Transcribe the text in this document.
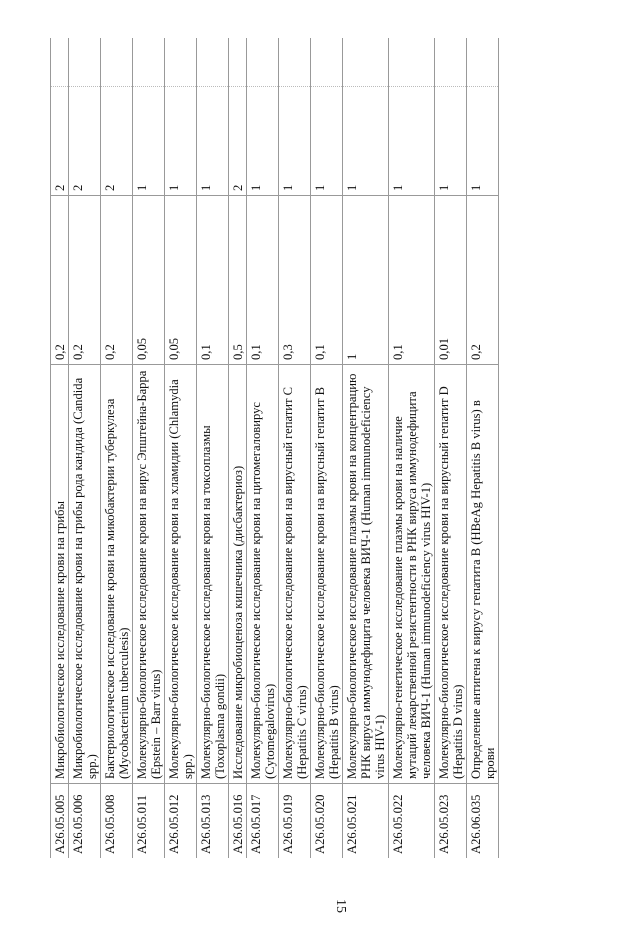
15
A26.05.005	Микробиологическое исследование крови на грибы	0,2	2	
A26.05.006	Микробиологическое исследование крови на грибы рода кандида (Candida spp.)	0,2	2	
A26.05.008	Бактериологическое исследование крови на микобактерии туберкулеза (Mycobacterium tuberculesis)	0,2	2	
A26.05.011	Молекулярно-биологическое исследование крови на вирус Эпштейна-Барра (Epstein – Barr virus)	0,05	1	
A26.05.012	Молекулярно-биологическое исследование крови на хламидии (Chlamydia spp.)	0,05	1	
A26.05.013	Молекулярно-биологическое исследование крови на токсоплазмы (Toxoplasma gondii)	0,1	1	
A26.05.016	Исследование микробиоценоза кишечника (дисбактериоз)	0,5	2	
A26.05.017	Молекулярно-биологическое исследование крови на цитомегаловирус (Cytomegalovirus)	0,1	1	
A26.05.019	Молекулярно-биологическое исследование крови на вирусный гепатит C (Hepatitis C virus)	0,3	1	
A26.05.020	Молекулярно-биологическое исследование крови на вирусный гепатит B (Hepatitis B virus)	0,1	1	
A26.05.021	Молекулярно-биологическое исследование плазмы крови на концентрацию РНК вируса иммунодефицита человека ВИЧ-1 (Human immunodeficiency virus HIV-1)	1	1	
A26.05.022	Молекулярно-генетическое исследование плазмы крови на наличие мутаций лекарственной резистентности в РНК вируса иммунодефицита человека ВИЧ-1 (Human immunodeficiency virus HIV-1)	0,1	1	
A26.05.023	Молекулярно-биологическое исследование крови на вирусный гепатит D (Hepatitis D virus)	0,01	1	
A26.06.035	Определение антигена к вирусу гепатита B (HBeAg Hepatitis B virus) в крови	0,2	1	
